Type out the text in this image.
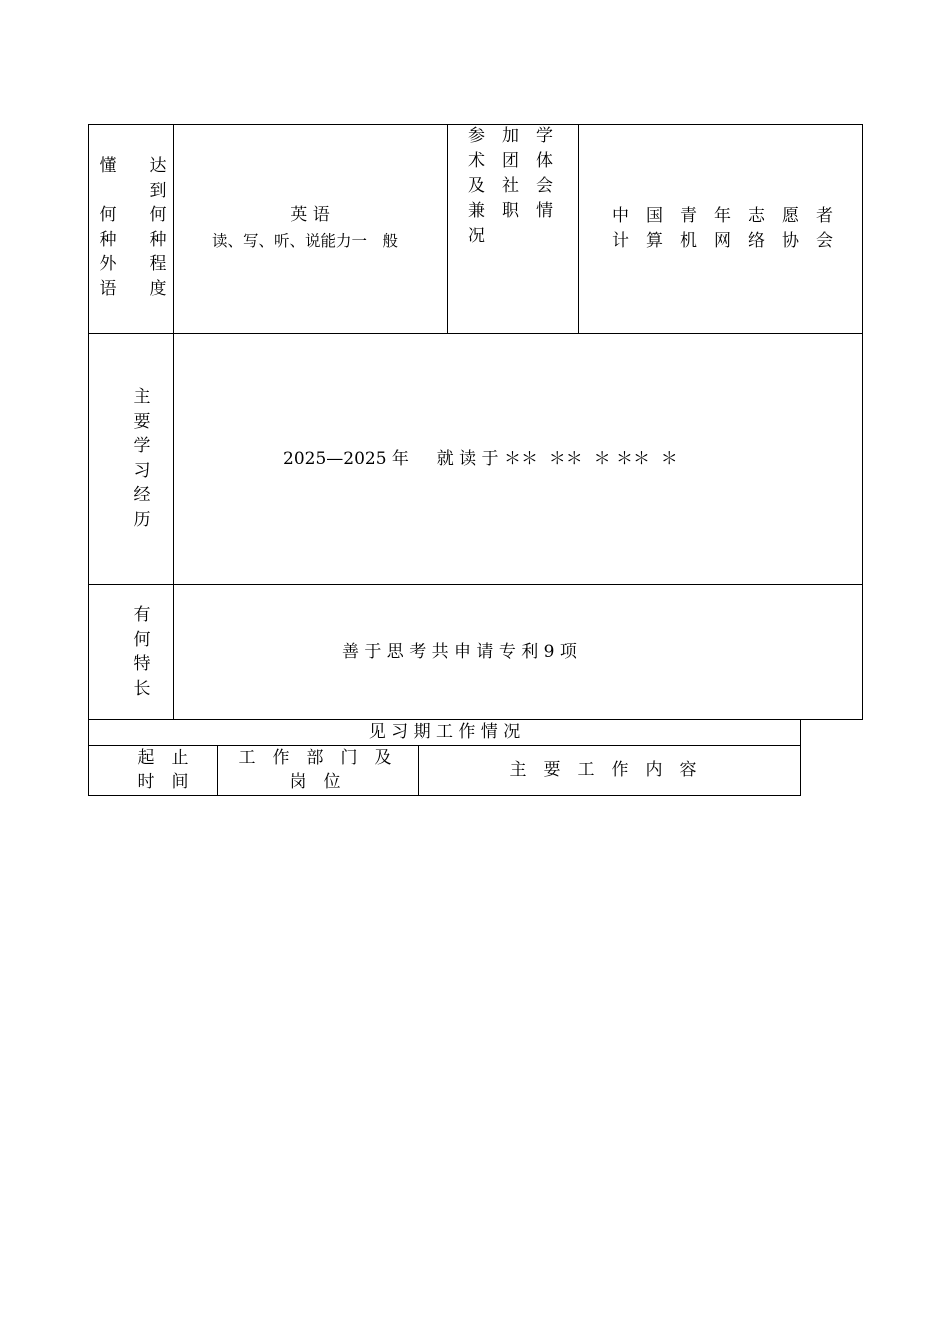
懂

何
种
外
语
达
到
何
种
程
度
英 语
读、写、听、说能力一　般
参　加　学
术　团　体
及　社　会
兼　职　情
况
中　国　青　年　志　愿　者
计　算　机　网　络　协　会
主
要
学
习
经
历
2025—2025 年　  就 读 于 ＊＊  ＊＊  ＊ ＊＊  ＊
有
何
特
长
善 于 思 考 共 申 请 专 利 9 项
见 习 期 工 作 情 况
起　止
时　间
工　作　部　门　及
岗　位
主　要　工　作　内　容
